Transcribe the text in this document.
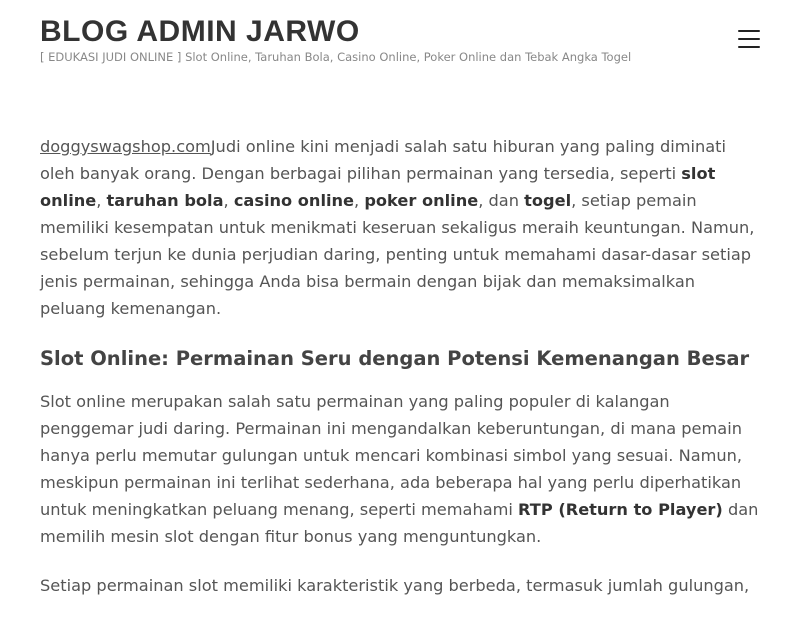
BLOG ADMIN JARWO

[ EDUKASI JUDI ONLINE ] Slot Online, Taruhan Bola, Casino Online, Poker Online dan Tebak Angka Togel

doggyswagshop.comJudi online kini menjadi salah satu hiburan yang paling diminati oleh banyak orang. Dengan berbagai pilihan permainan yang tersedia, seperti slot online, taruhan bola, casino online, poker online, dan togel, setiap pemain memiliki kesempatan untuk menikmati keseruan sekaligus meraih keuntungan. Namun, sebelum terjun ke dunia perjudian daring, penting untuk memahami dasar-dasar setiap jenis permainan, sehingga Anda bisa bermain dengan bijak dan memaksimalkan peluang kemenangan.

Slot Online: Permainan Seru dengan Potensi Kemenangan Besar

Slot online merupakan salah satu permainan yang paling populer di kalangan penggemar judi daring. Permainan ini mengandalkan keberuntungan, di mana pemain hanya perlu memutar gulungan untuk mencari kombinasi simbol yang sesuai. Namun, meskipun permainan ini terlihat sederhana, ada beberapa hal yang perlu diperhatikan untuk meningkatkan peluang menang, seperti memahami RTP (Return to Player) dan memilih mesin slot dengan fitur bonus yang menguntungkan.

Setiap permainan slot memiliki karakteristik yang berbeda, termasuk jumlah gulungan,
